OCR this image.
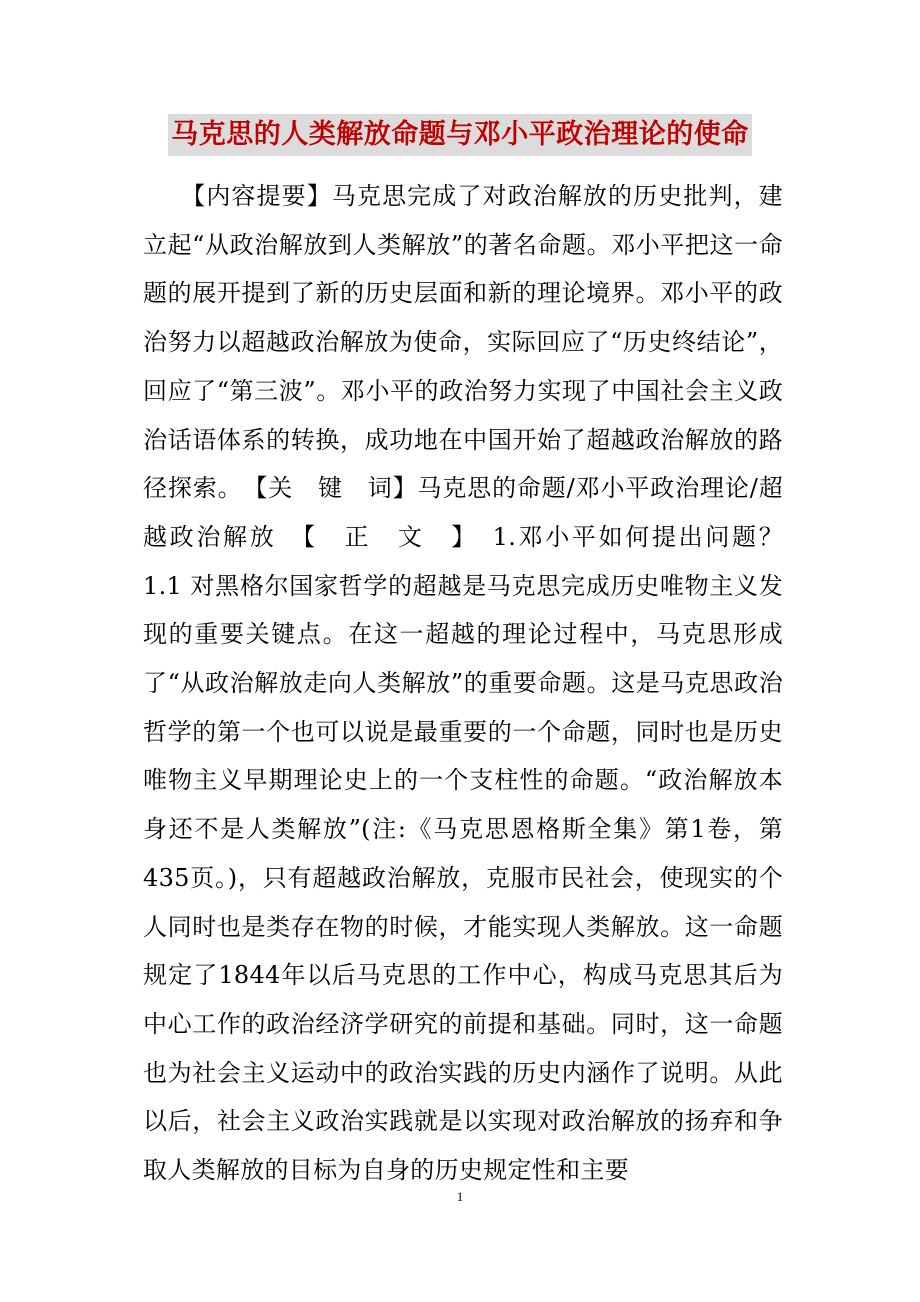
马克思的人类解放命题与邓小平政治理论的使命

　　【内容提要】马克思完成了对政治解放的历史批判，建立起“从政治解放到人类解放”的著名命题。邓小平把这一命题的展开提到了新的历史层面和新的理论境界。邓小平的政治努力以超越政治解放为使命，实际回应了“历史终结论”，回应了“第三波”。邓小平的政治努力实现了中国社会主义政治话语体系的转换，成功地在中国开始了超越政治解放的路径探索。　【关　键　词】马克思的命题/邓小平政治理论/超越政治解放　【　正　文　】　1.邓小平如何提出问题？　1.1 对黑格尔国家哲学的超越是马克思完成历史唯物主义发现的重要关键点。在这一超越的理论过程中，马克思形成了“从政治解放走向人类解放”的重要命题。这是马克思政治哲学的第一个也可以说是最重要的一个命题，同时也是历史唯物主义早期理论史上的一个支柱性的命题。“政治解放本身还不是人类解放”(注:《马克思恩格斯全集》第1卷，第435页。)，只有超越政治解放，克服市民社会，使现实的个人同时也是类存在物的时候，才能实现人类解放。这一命题规定了1844年以后马克思的工作中心，构成马克思其后为中心工作的政治经济学研究的前提和基础。同时，这一命题也为社会主义运动中的政治实践的历史内涵作了说明。从此以后，社会主义政治实践就是以实现对政治解放的扬弃和争取人类解放的目标为自身的历史规定性和主要

1
